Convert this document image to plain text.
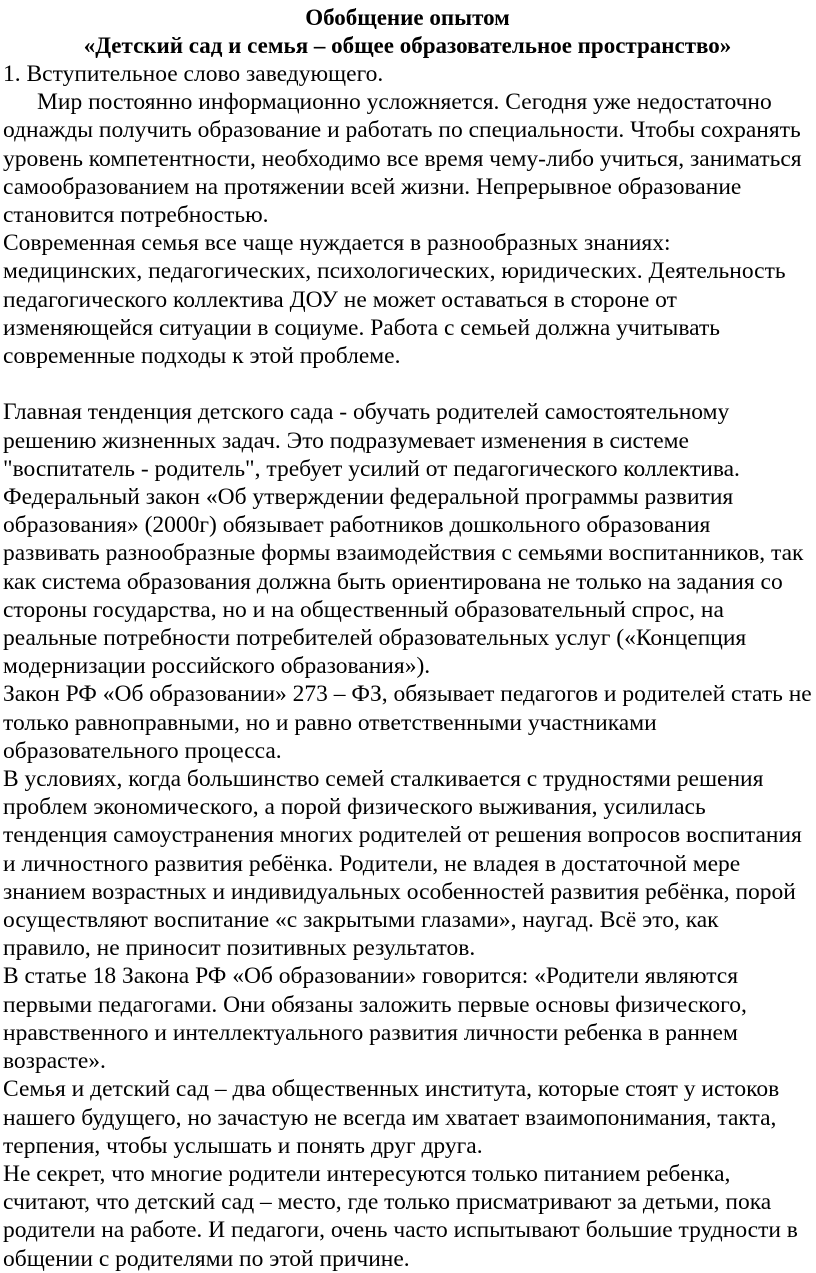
Обобщение опытом

«Детский сад и семья – общее образовательное пространство»

1. Вступительное слово заведующего.

Мир постоянно информационно усложняется. Сегодня уже недостаточно однажды получить образование и работать по специальности. Чтобы сохранять уровень компетентности, необходимо все время чему-либо учиться, заниматься самообразованием на протяжении всей жизни. Непрерывное образование становится потребностью.

Современная семья все чаще нуждается в разнообразных знаниях: медицинских, педагогических, психологических, юридических. Деятельность педагогического коллектива ДОУ не может оставаться в стороне от изменяющейся ситуации в социуме. Работа с семьей должна учитывать современные подходы к этой проблеме.

Главная тенденция детского сада - обучать родителей самостоятельному решению жизненных задач. Это подразумевает изменения в системе "воспитатель - родитель", требует усилий от педагогического коллектива. Федеральный закон «Об утверждении федеральной программы развития образования» (2000г) обязывает работников дошкольного образования развивать разнообразные формы взаимодействия с семьями воспитанников, так как система образования должна быть ориентирована не только на задания со стороны государства, но и на общественный образовательный спрос, на реальные потребности потребителей образовательных услуг («Концепция модернизации российского образования»).

Закон РФ «Об образовании» 273 – ФЗ, обязывает педагогов и родителей стать не только равноправными, но и равно ответственными участниками образовательного процесса.

В условиях, когда большинство семей сталкивается с трудностями решения проблем экономического, а порой физического выживания, усилилась тенденция самоустранения многих родителей от решения вопросов воспитания и личностного развития ребёнка. Родители, не владея в достаточной мере знанием возрастных и индивидуальных особенностей развития ребёнка, порой осуществляют воспитание «с закрытыми глазами», наугад. Всё это, как правило, не приносит позитивных результатов.

В статье 18 Закона РФ «Об образовании» говорится: «Родители являются первыми педагогами. Они обязаны заложить первые основы физического, нравственного и интеллектуального развития личности ребенка в раннем возрасте».

Семья и детский сад – два общественных института, которые стоят у истоков нашего будущего, но зачастую не всегда им хватает взаимопонимания, такта, терпения, чтобы услышать и понять друг друга.

Не секрет, что многие родители интересуются только питанием ребенка, считают, что детский сад – место, где только присматривают за детьми, пока родители на работе. И педагоги, очень часто испытывают большие трудности в общении с родителями по этой причине.
